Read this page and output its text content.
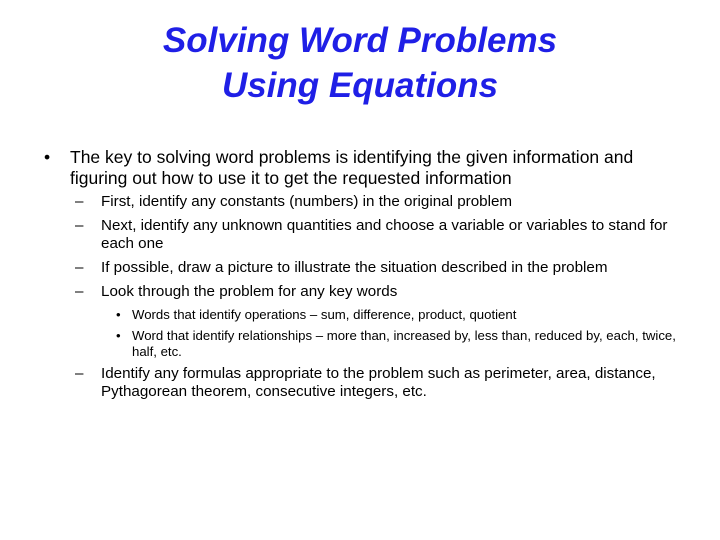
Solving Word Problems
Using Equations
• The key to solving word problems is identifying the given information and figuring out how to use it to get the requested information
– First, identify any constants (numbers) in the original problem
– Next, identify any unknown quantities and choose a variable or variables to stand for each one
– If possible, draw a picture to illustrate the situation described in the problem
– Look through the problem for any key words
• Words that identify operations – sum, difference, product, quotient
• Word that identify relationships – more than, increased by, less than, reduced by, each, twice, half, etc.
– Identify any formulas appropriate to the problem such as perimeter, area, distance, Pythagorean theorem, consecutive integers, etc.
